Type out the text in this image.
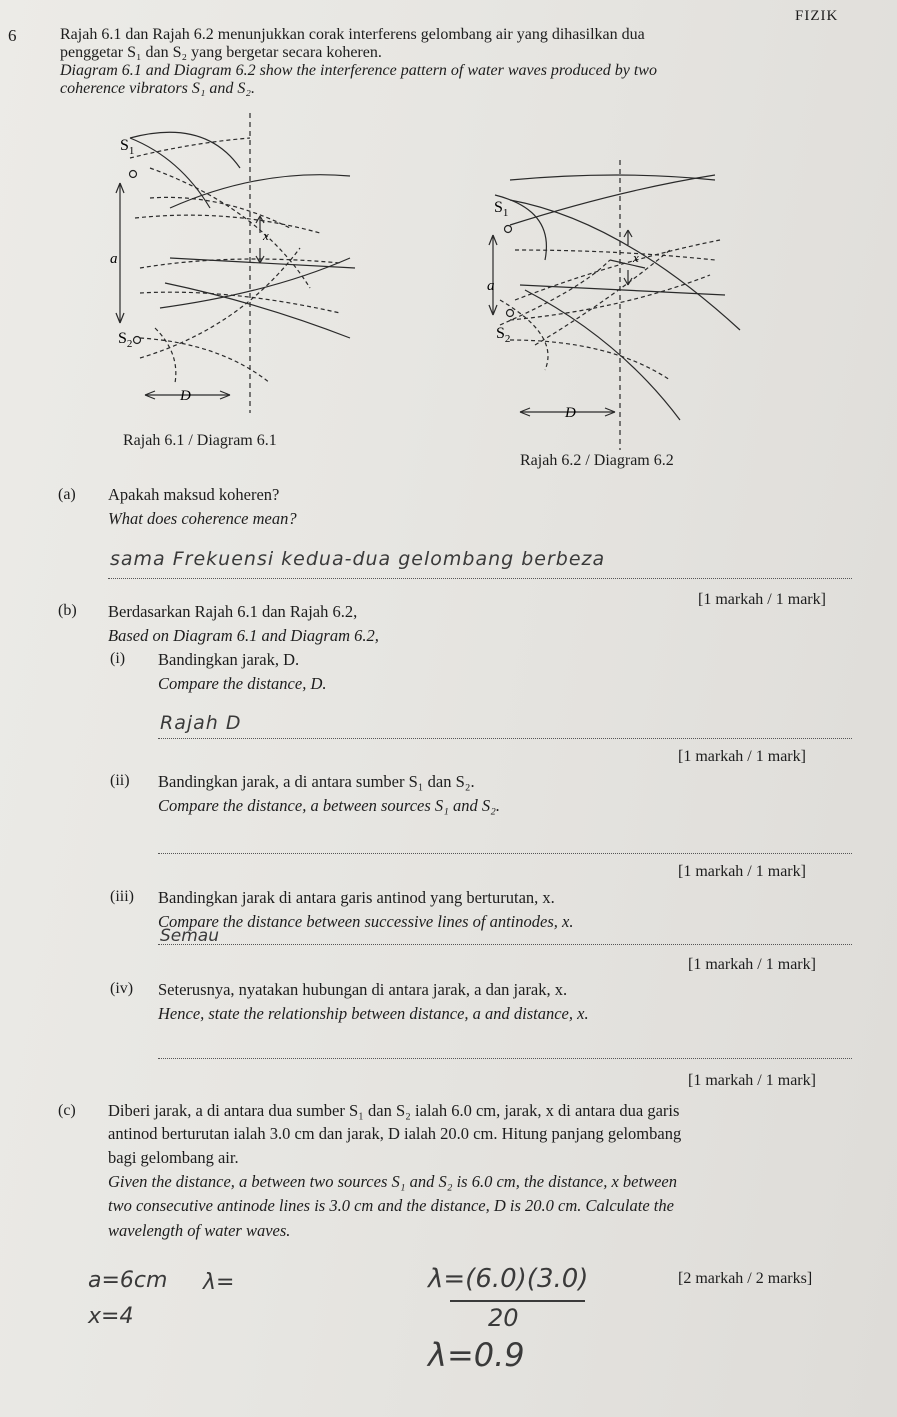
FIZIK
6	Rajah 6.1 dan Rajah 6.2 menunjukkan corak interferens gelombang air yang dihasilkan dua
penggetar S₁ dan S₂ yang bergetar secara koheren.
Diagram 6.1 and Diagram 6.2 show the interference pattern of water waves produced by two
coherence vibrators S₁ and S₂.
$S_1$
$S_2$
a
x
D
Rajah 6.1 / Diagram 6.1
$S_1$
$S_2$
a
x
D
Rajah 6.2 / Diagram 6.2
(a) Apakah maksud koheren?
What does coherence mean?
sama Frekuensi kedua-dua gelombang berbeza
[1 markah / 1 mark]
(b) Berdasarkan Rajah 6.1 dan Rajah 6.2,
Based on Diagram 6.1 and Diagram 6.2,
(i) Bandingkan jarak, D.
Compare the distance, D.
Rajah D
[1 markah / 1 mark]
(ii) Bandingkan jarak, a di antara sumber S₁ dan S₂.
Compare the distance, a between sources S₁ and S₂.
[1 markah / 1 mark]
(iii) Bandingkan jarak di antara garis antinod yang berturutan, x.
Compare the distance between successive lines of antinodes, x.
Semau
[1 markah / 1 mark]
(iv) Seterusnya, nyatakan hubungan di antara jarak, a dan jarak, x.
Hence, state the relationship between distance, a and distance, x.
[1 markah / 1 mark]
(c) Diberi jarak, a di antara dua sumber S₁ dan S₂ ialah 6.0 cm, jarak, x di antara dua garis
antinod berturutan ialah 3.0 cm dan jarak, D ialah 20.0 cm. Hitung panjang gelombang
bagi gelombang air.
Given the distance, a between two sources S₁ and S₂ is 6.0 cm, the distance, x between
two consecutive antinode lines is 3.0 cm and the distance, D is 20.0 cm. Calculate the
wavelength of water waves.
[2 markah / 2 marks]
a=6cm
x=4
λ=	λ=(6.0)(3.0)
20
λ=0.9
